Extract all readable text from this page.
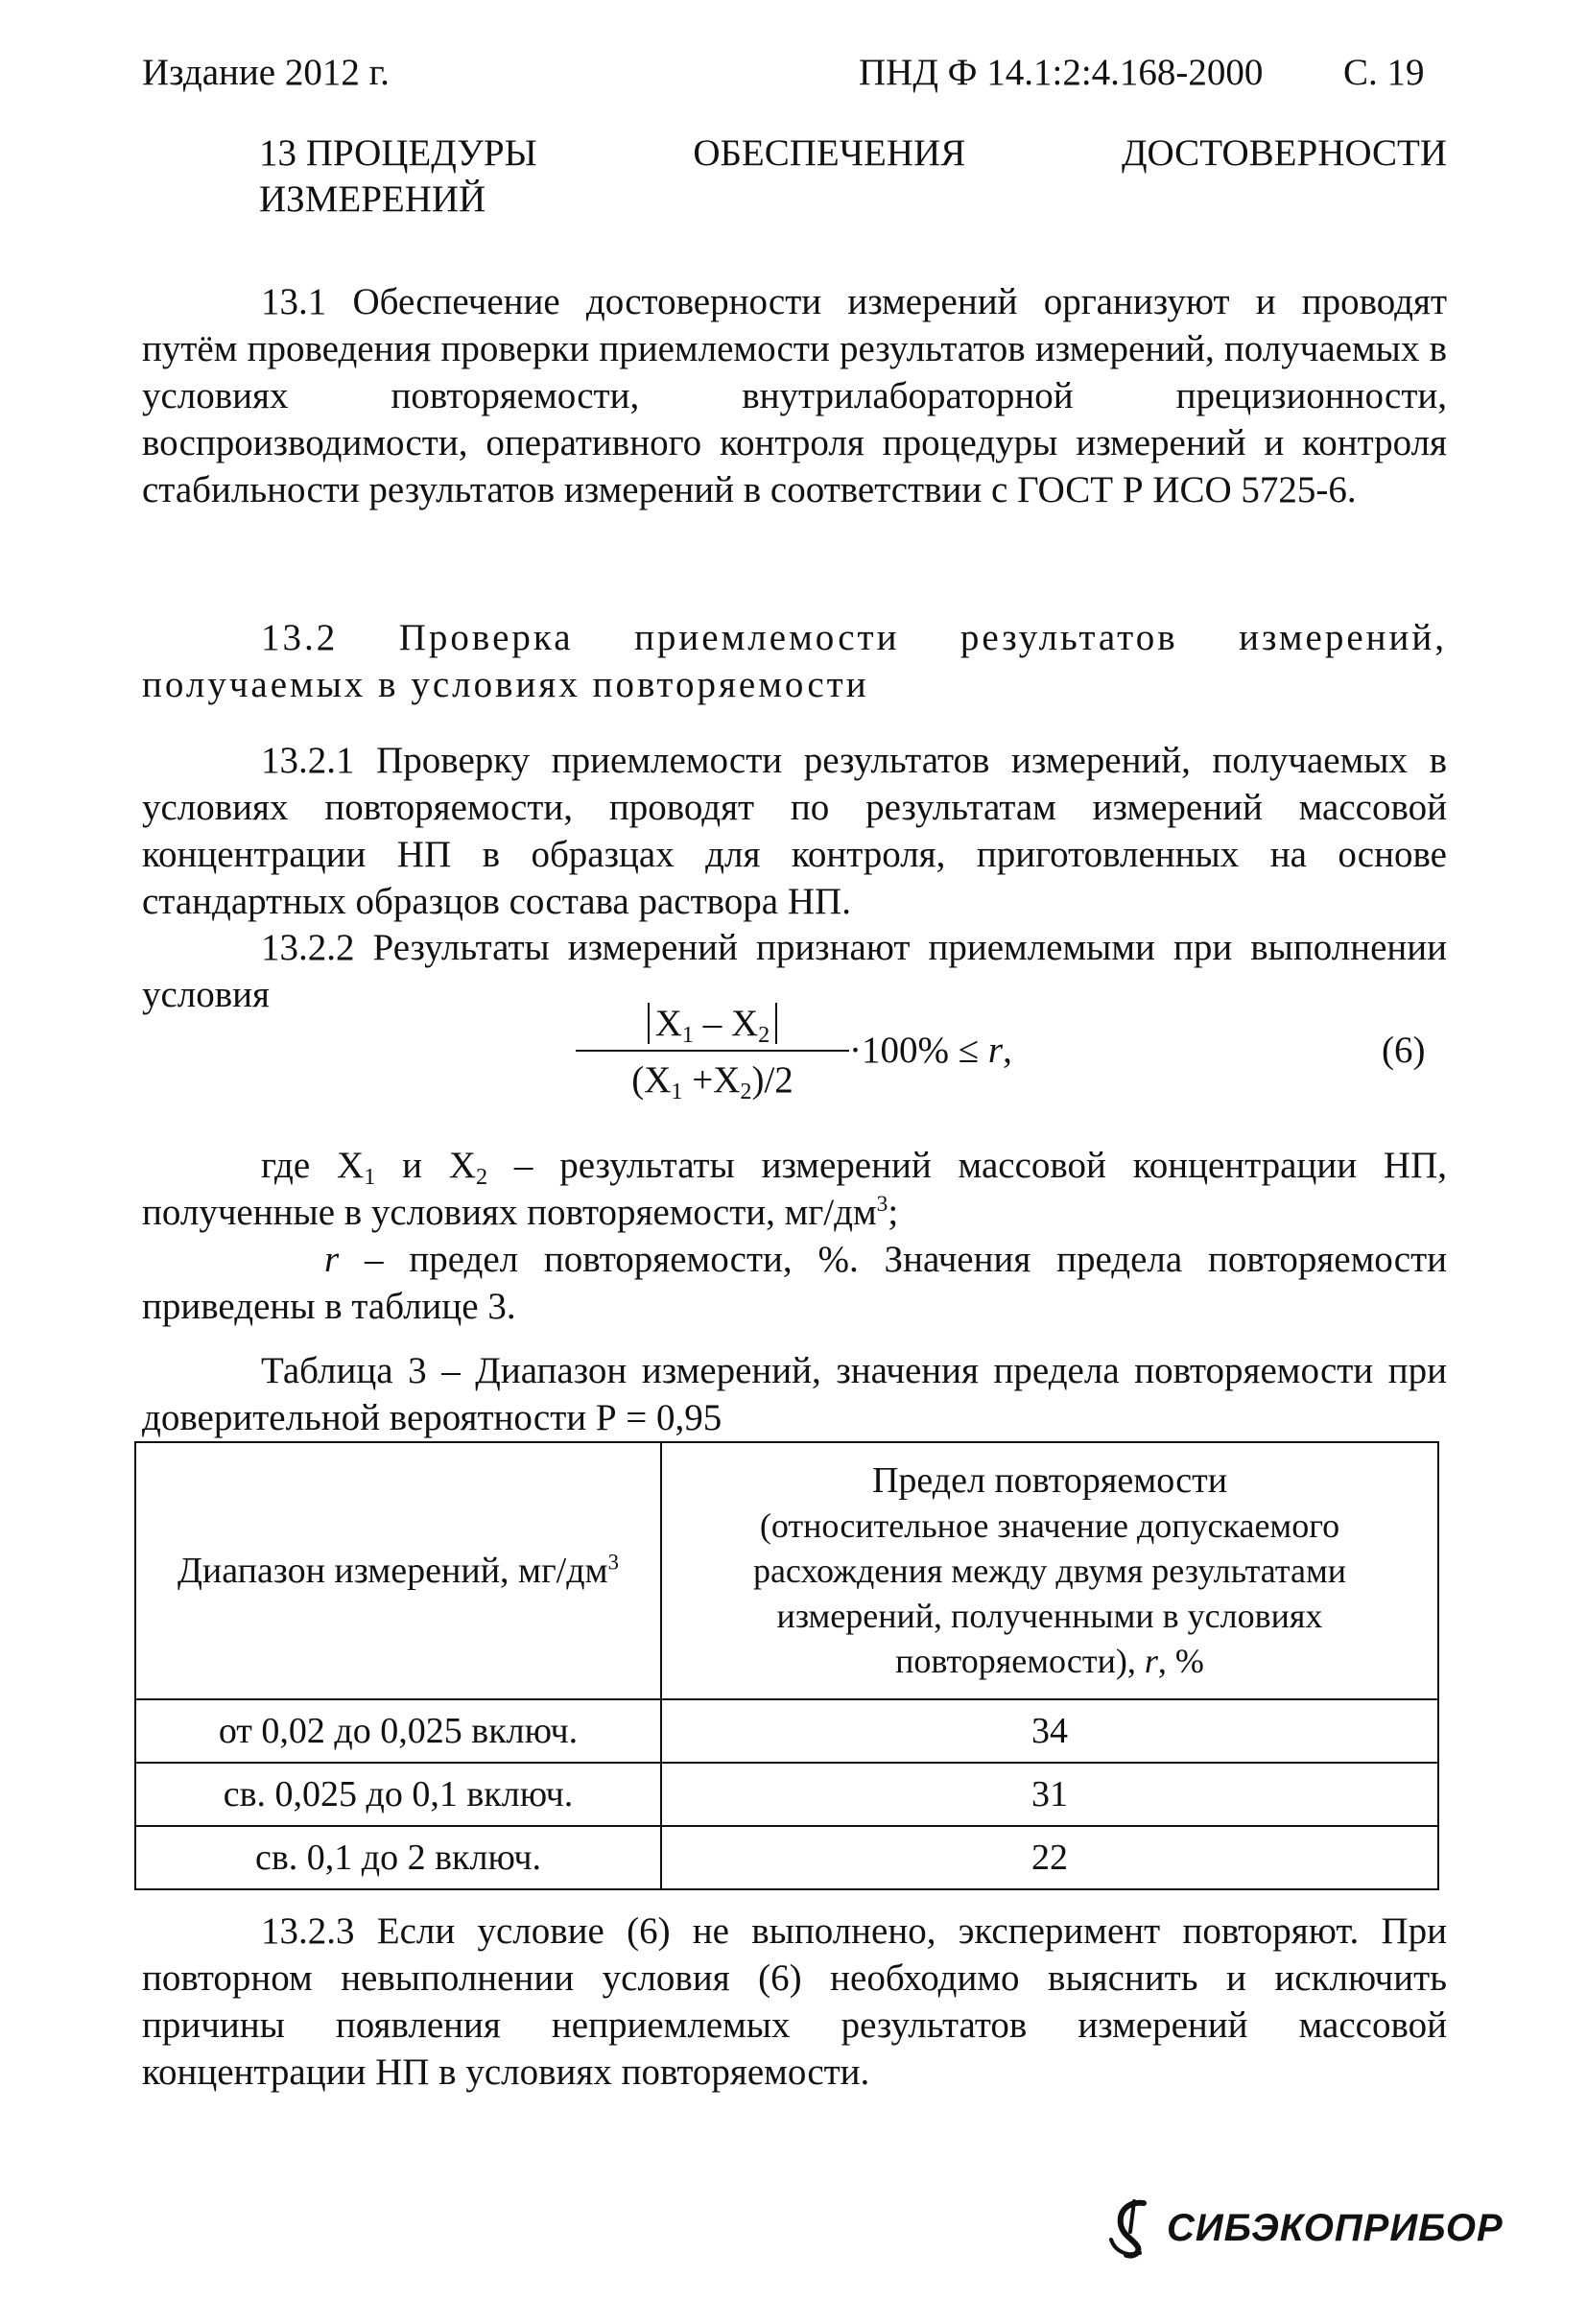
Издание 2012 г.	ПНД Ф 14.1:2:4.168-2000 С. 19
13 ПРОЦЕДУРЫ	ОБЕСПЕЧЕНИЯ	ДОСТОВЕРНОСТИ
ИЗМЕРЕНИЙ
13.1 Обеспечение достоверности измерений организуют и проводят путём проведения проверки приемлемости результатов измерений, получаемых в условиях повторяемости, внутрилабораторной прецизионности, воспроизводимости, оперативного контроля процедуры измерений и контроля стабильности результатов измерений в соответствии с ГОСТ Р ИСО 5725-6.
13.2 Проверка приемлемости результатов измерений, получаемых в условиях повторяемости
13.2.1 Проверку приемлемости результатов измерений, получаемых в условиях повторяемости, проводят по результатам измерений массовой концентрации НП в образцах для контроля, приготовленных на основе стандартных образцов состава раствора НП.
13.2.2 Результаты измерений признают приемлемыми при выполнении условия
$\frac{X_1 - X_2}{(X_1 +X_2)/2} \cdot 100\% \le r$,	(6)
где $X_1$ и $X_2$ – результаты измерений массовой концентрации НП, полученные в условиях повторяемости, $мг/дм^3$;
r – предел повторяемости, %. Значения предела повторяемости приведены в таблице 3.
Таблица 3 – Диапазон измерений, значения предела повторяемости при доверительной вероятности Р = 0,95
Диапазон измерений, $мг/дм^3$	Предел повторяемости
(относительное значение допускаемого расхождения между двумя результатами измерений, полученными в условиях повторяемости), r, %

от 0,02 до 0,025 включ.	34
св. 0,025 до 0,1 включ.	31
св. 0,1 до 2 включ.	22
13.2.3 Если условие (6) не выполнено, эксперимент повторяют. При повторном невыполнении условия (6) необходимо выяснить и исключить причины появления неприемлемых результатов измерений массовой концентрации НП в условиях повторяемости.
СИБЭКОПРИБОР
